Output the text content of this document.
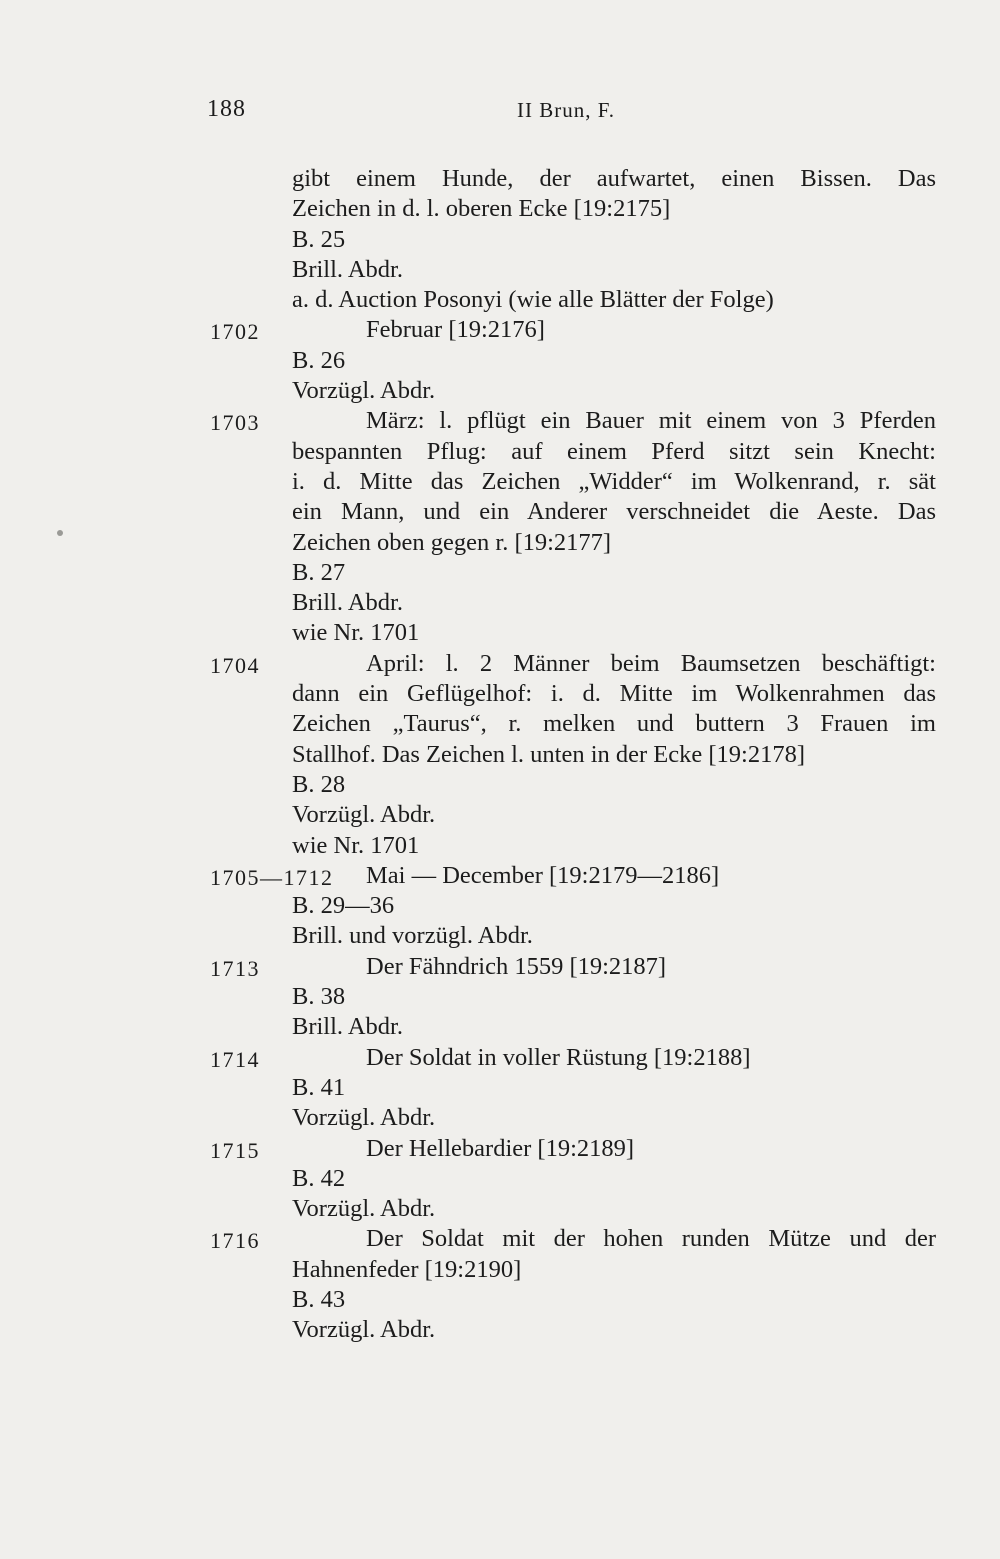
188	II Brun, F.
gibt einem Hunde, der aufwartet, einen Bissen. Das
Zeichen in d. l. oberen Ecke [19:2175]
B. 25
Brill. Abdr.
a. d. Auction Posonyi (wie alle Blätter der Folge)
1702	Februar [19:2176]
B. 26
Vorzügl. Abdr.
1703	März: l. pflügt ein Bauer mit einem von 3 Pferden
bespannten Pflug: auf einem Pferd sitzt sein Knecht:
i. d. Mitte das Zeichen „Widder“ im Wolkenrand, r. sät
ein Mann, und ein Anderer verschneidet die Aeste. Das
Zeichen oben gegen r. [19:2177]
B. 27
Brill. Abdr.
wie Nr. 1701
1704	April: l. 2 Männer beim Baumsetzen beschäftigt:
dann ein Geflügelhof: i. d. Mitte im Wolkenrahmen das
Zeichen „Taurus“, r. melken und buttern 3 Frauen im
Stallhof. Das Zeichen l. unten in der Ecke [19:2178]
B. 28
Vorzügl. Abdr.
wie Nr. 1701
1705—1712 Mai — December [19:2179—2186]
B. 29—36
Brill. und vorzügl. Abdr.
1713	Der Fähndrich 1559 [19:2187]
B. 38
Brill. Abdr.
1714	Der Soldat in voller Rüstung [19:2188]
B. 41
Vorzügl. Abdr.
1715	Der Hellebardier [19:2189]
B. 42
Vorzügl. Abdr.
1716	Der Soldat mit der hohen runden Mütze und der
Hahnenfeder [19:2190]
B. 43
Vorzügl. Abdr.
